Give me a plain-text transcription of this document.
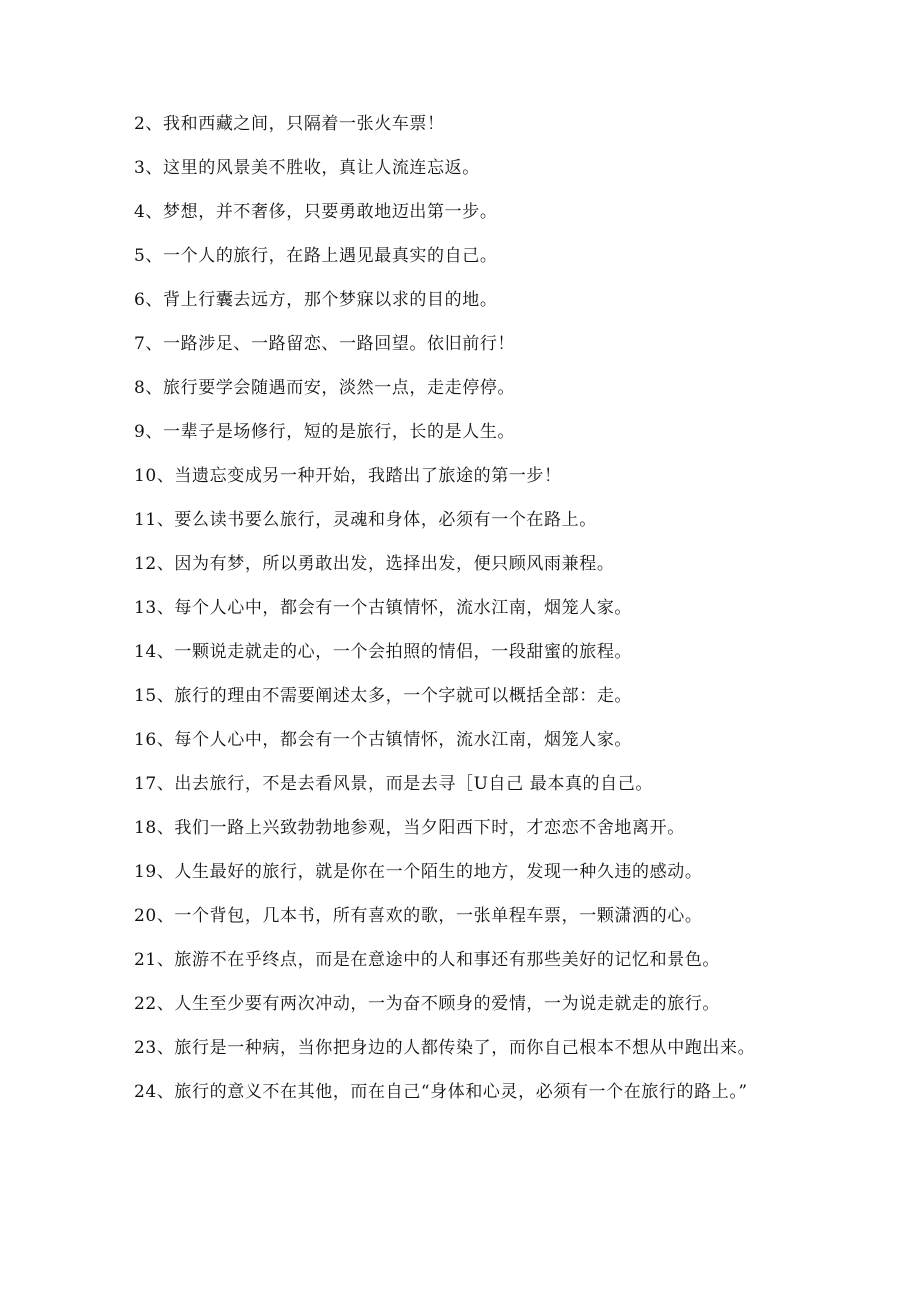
2、我和西藏之间，只隔着一张火车票！
3、这里的风景美不胜收，真让人流连忘返。
4、梦想，并不奢侈，只要勇敢地迈出第一步。
5、一个人的旅行，在路上遇见最真实的自己。
6、背上行囊去远方，那个梦寐以求的目的地。
7、一路涉足、一路留恋、一路回望。依旧前行！
8、旅行要学会随遇而安，淡然一点，走走停停。
9、一辈子是场修行，短的是旅行，长的是人生。
10、当遗忘变成另一种开始，我踏出了旅途的第一步！
11、要么读书要么旅行，灵魂和身体，必须有一个在路上。
12、因为有梦，所以勇敢出发，选择出发，便只顾风雨兼程。
13、每个人心中，都会有一个古镇情怀，流水江南，烟笼人家。
14、一颗说走就走的心，一个会拍照的情侣，一段甜蜜的旅程。
15、旅行的理由不需要阐述太多，一个字就可以概括全部：走。
16、每个人心中，都会有一个古镇情怀，流水江南，烟笼人家。
17、出去旅行，不是去看风景，而是去寻［U自己 最本真的自己。
18、我们一路上兴致勃勃地参观，当夕阳西下时，才恋恋不舍地离开。
19、人生最好的旅行，就是你在一个陌生的地方，发现一种久违的感动。
20、一个背包，几本书，所有喜欢的歌，一张单程车票，一颗潇洒的心。
21、旅游不在乎终点，而是在意途中的人和事还有那些美好的记忆和景色。
22、人生至少要有两次冲动，一为奋不顾身的爱情，一为说走就走的旅行。
23、旅行是一种病，当你把身边的人都传染了，而你自己根本不想从中跑出来。
24、旅行的意义不在其他，而在自己“身体和心灵，必须有一个在旅行的路上。”
